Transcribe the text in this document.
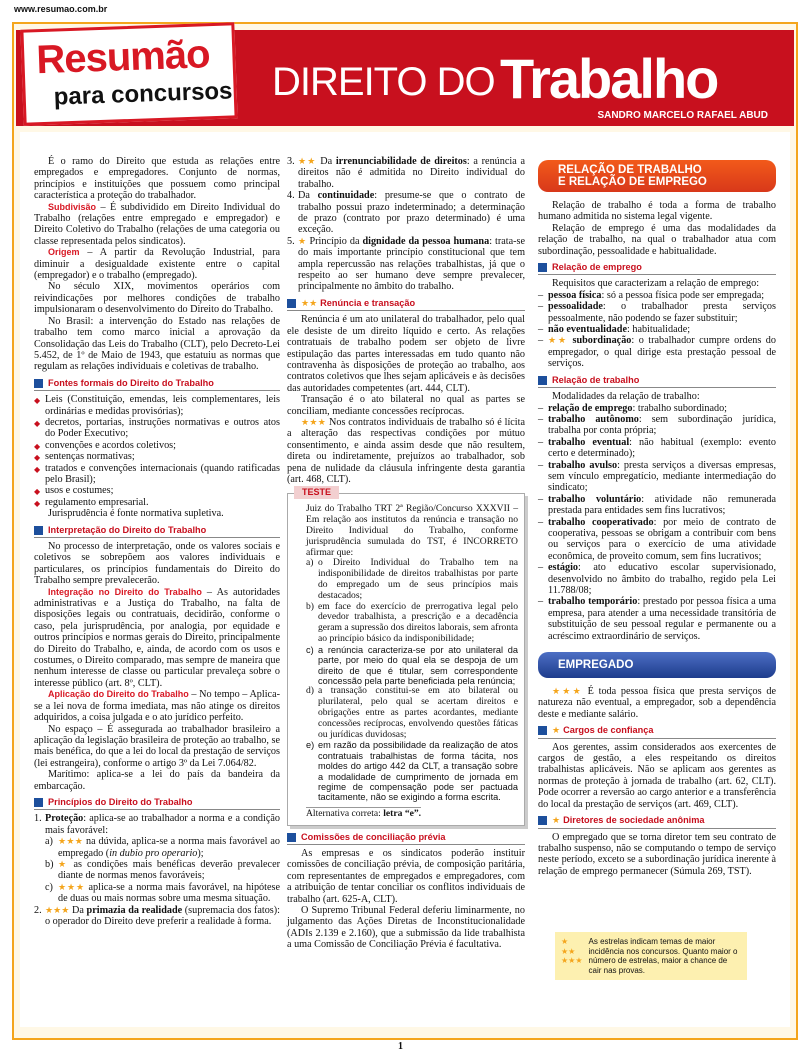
www.resumao.com.br
DIREITO DO Trabalho
SANDRO MARCELO RAFAEL ABUD
Resumão
para concursos

É o ramo do Direito que estuda as relações entre empregados e empregadores. Conjunto de normas, princípios e instituições que possuem como principal característica a proteção do trabalhador.

Subdivisão – É subdividido em Direito Individual do Trabalho (relações entre empregado e empregador) e Direito Coletivo do Trabalho (relações de uma categoria ou classe representada pelos sindicatos).

Origem – A partir da Revolução Industrial, para diminuir a desigualdade existente entre o capital (empregador) e o trabalho (empregado).

No século XIX, movimentos operários com reivindicações por melhores condições de trabalho impulsionaram o desenvolvimento do Direito do Trabalho.

No Brasil: a intervenção do Estado nas relações de trabalho tem como marco inicial a aprovação da Consolidação das Leis do Trabalho (CLT), pelo Decreto-Lei 5.452, de 1º de Maio de 1943, que estatuiu as normas que regulam as relações individuais e coletivas de trabalho.

Fontes formais do Direito do Trabalho
◆ Leis (Constituição, emendas, leis complementares, leis ordinárias e medidas provisórias);
◆ decretos, portarias, instruções normativas e outros atos do Poder Executivo;
◆ convenções e acordos coletivos;
◆ sentenças normativas;
◆ tratados e convenções internacionais (quando ratificadas pelo Brasil);
◆ usos e costumes;
◆ regulamento empresarial.

Jurisprudência é fonte normativa supletiva.

Interpretação do Direito do Trabalho

No processo de interpretação, onde os valores sociais e coletivos se sobrepõem aos valores individuais e particulares, os princípios fundamentais do Direito do Trabalho sempre prevalecerão.

Integração no Direito do Trabalho – As autoridades administrativas e a Justiça do Trabalho, na falta de disposições legais ou contratuais, decidirão, conforme o caso, pela jurisprudência, por analogia, por equidade e outros princípios e normas gerais do Direito, principalmente do Direito do Trabalho, e, ainda, de acordo com os usos e costumes, o Direito comparado, mas sempre de maneira que nenhum interesse de classe ou particular prevaleça sobre o interesse público (art. 8º, CLT).

Aplicação do Direito do Trabalho – No tempo – Aplica-se a lei nova de forma imediata, mas não atinge os direitos adquiridos, a coisa julgada e o ato jurídico perfeito.

No espaço – É assegurada ao trabalhador brasileiro a aplicação da legislação brasileira de proteção ao trabalho, se mais benéfica, do que a lei do local da prestação de serviços (lei estrangeira), conforme o artigo 3º da Lei 7.064/82.

Marítimo: aplica-se a lei do país da bandeira da embarcação.

Princípios do Direito do Trabalho
1. Proteção: aplica-se ao trabalhador a norma e a condição mais favorável:
a) ★★★ na dúvida, aplica-se a norma mais favorável ao empregado (in dubio pro operario);
b) ★ as condições mais benéficas deverão prevalecer diante de normas menos favoráveis;
c) ★★★ aplica-se a norma mais favorável, na hipótese de duas ou mais normas sobre uma mesma situação.
2. ★★★ Da primazia da realidade (supremacia dos fatos): o operador do Direito deve preferir a realidade à forma.
3. ★★ Da irrenunciabilidade de direitos: a renúncia a direitos não é admitida no Direito individual do trabalho.
4. Da continuidade: presume-se que o contrato de trabalho possui prazo indeterminado; a determinação de prazo (contrato por prazo determinado) é uma exceção.
5. ★ Princípio da dignidade da pessoa humana: trata-se do mais importante princípio constitucional que tem ampla repercussão nas relações trabalhistas, já que o respeito ao ser humano deve sempre prevalecer, principalmente no âmbito do trabalho.
★★ Renúncia e transação

Renúncia é um ato unilateral do trabalhador, pelo qual ele desiste de um direito líquido e certo. As relações contratuais de trabalho podem ser objeto de livre estipulação das partes interessadas em tudo quanto não contravenha às disposições de proteção ao trabalho, aos contratos coletivos que lhes sejam aplicáveis e às decisões das autoridades competentes (art. 444, CLT).

Transação é o ato bilateral no qual as partes se conciliam, mediante concessões recíprocas.

★★★ Nos contratos individuais de trabalho só é lícita a alteração das respectivas condições por mútuo consentimento, e ainda assim desde que não resultem, direta ou indiretamente, prejuízos ao trabalhador, sob pena de nulidade da cláusula infringente desta garantia (art. 468, CLT).

TESTE

Juiz do Trabalho TRT 2ª Região/Concurso XXXVII – Em relação aos institutos da renúncia e transação no Direito Individual do Trabalho, conforme jurisprudência sumulada do TST, é INCORRETO afirmar que:

a) o Direito Individual do Trabalho tem na indisponibilidade de direitos trabalhistas por parte do empregado um de seus princípios mais destacados;
b) em face do exercício de prerrogativa legal pelo devedor trabalhista, a prescrição e a decadência geram a supressão dos direitos laborais, sem afronta ao princípio básico da indisponibilidade;
c) a renúncia caracteriza-se por ato unilateral da parte, por meio do qual ela se despoja de um direito de que é titular, sem correspondente concessão pela parte beneficiada pela renúncia;
d) a transação constitui-se em ato bilateral ou plurilateral, pelo qual se acertam direitos e obrigações entre as partes acordantes, mediante concessões recíprocas, envolvendo questões fáticas ou jurídicas duvidosas;
e) em razão da possibilidade da realização de atos contratuais trabalhistas de forma tácita, nos moldes do artigo 442 da CLT, a transação sobre a modalidade de cumprimento de jornada em regime de compensação pode ser pactuada tacitamente, não se exigindo a forma escrita.

Alternativa correta: letra “e”.

Comissões de conciliação prévia

As empresas e os sindicatos poderão instituir comissões de conciliação prévia, de composição paritária, com representantes de empregados e empregadores, com a atribuição de tentar conciliar os conflitos individuais de trabalho (art. 625-A, CLT).

O Supremo Tribunal Federal deferiu liminarmente, no julgamento das Ações Diretas de Inconstitucionalidade (ADIs 2.139 e 2.160), que a submissão da lide trabalhista a uma Comissão de Conciliação Prévia é facultativa.

RELAÇÃO DE TRABALHO
E RELAÇÃO DE EMPREGO

Relação de trabalho é toda a forma de trabalho humano admitida no sistema legal vigente.

Relação de emprego é uma das modalidades da relação de trabalho, na qual o trabalhador atua com subordinação, pessoalidade e habitualidade.

Relação de emprego

Requisitos que caracterizam a relação de emprego:

– pessoa física: só a pessoa física pode ser empregada;
– pessoalidade: o trabalhador presta serviços pessoalmente, não podendo se fazer substituir;
– não eventualidade: habitualidade;
– ★★ subordinação: o trabalhador cumpre ordens do empregador, o qual dirige esta prestação pessoal de serviços.
Relação de trabalho

Modalidades da relação de trabalho:

– relação de emprego: trabalho subordinado;
– trabalho autônomo: sem subordinação jurídica, trabalha por conta própria;
– trabalho eventual: não habitual (exemplo: evento certo e determinado);
– trabalho avulso: presta serviços a diversas empresas, sem vínculo empregatício, mediante intermediação do sindicato;
– trabalho voluntário: atividade não remunerada prestada para entidades sem fins lucrativos;
– trabalho cooperativado: por meio de contrato de cooperativa, pessoas se obrigam a contribuir com bens ou serviços para o exercício de uma atividade econômica, de proveito comum, sem fins lucrativos;
– estágio: ato educativo escolar supervisionado, desenvolvido no âmbito do trabalho, regido pela Lei 11.788/08;
– trabalho temporário: prestado por pessoa física a uma empresa, para atender a uma necessidade transitória de substituição de seu pessoal regular e permanente ou a acréscimo extraordinário de serviços.
EMPREGADO

★★★ É toda pessoa física que presta serviços de natureza não eventual, a empregador, sob a dependência deste e mediante salário.

★ Cargos de confiança

Aos gerentes, assim considerados aos exercentes de cargos de gestão, a eles respeitando os direitos trabalhistas aplicáveis. Não se aplicam aos gerentes as normas de proteção à jornada de trabalho (art. 62, CLT). Pode ocorrer a reversão ao cargo anterior e a transferência do local da prestação de serviços (art. 469, CLT).

★ Diretores de sociedade anônima

O empregado que se torna diretor tem seu contrato de trabalho suspenso, não se computando o tempo de serviço neste período, exceto se a subordinação jurídica inerente à relação de emprego permanecer (Súmula 269, TST).

★
★★
★★★
As estrelas indicam temas de maior incidência nos concursos. Quanto maior o número de estrelas, maior a chance de cair nas provas.
1
